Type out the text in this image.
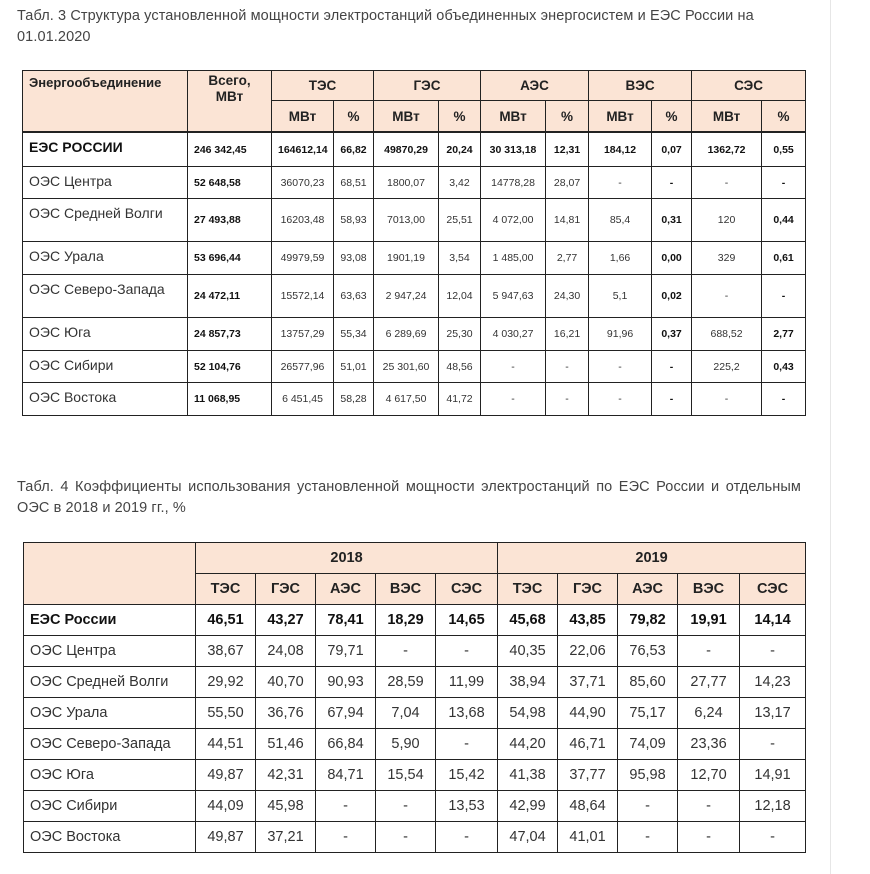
Табл. 3 Структура установленной мощности электростанций объединенных энергосистем и ЕЭС России на 01.01.2020
Энергообъединение	Всего, МВт	ТЭС		ГЭС		АЭС		ВЭС		СЭС	
		МВт	%	МВт	%	МВт	%	МВт	%	МВт	%

ЕЭС РОССИИ	246 342,45	164612,14	66,82	49870,29	20,24	30 313,18	12,31	184,12	0,07	1362,72	0,55
ОЭС Центра	52 648,58	36070,23	68,51	1800,07	3,42	14778,28	28,07	-	-	-	-
ОЭС Средней Волги	27 493,88	16203,48	58,93	7013,00	25,51	4 072,00	14,81	85,4	0,31	120	0,44
ОЭС Урала	53 696,44	49979,59	93,08	1901,19	3,54	1 485,00	2,77	1,66	0,00	329	0,61
ОЭС Северо-Запада	24 472,11	15572,14	63,63	2 947,24	12,04	5 947,63	24,30	5,1	0,02	-	-
ОЭС Юга	24 857,73	13757,29	55,34	6 289,69	25,30	4 030,27	16,21	91,96	0,37	688,52	2,77
ОЭС Сибири	52 104,76	26577,96	51,01	25 301,60	48,56	-	-	-	-	225,2	0,43
ОЭС Востока	11 068,95	6 451,45	58,28	4 617,50	41,72	-	-	-	-	-	-
Табл. 4 Коэффициенты использования установленной мощности электростанций по ЕЭС России и отдельным ОЭС в 2018 и 2019 гг., %
	2018					2019				
	ТЭС	ГЭС	АЭС	ВЭС	СЭС	ТЭС	ГЭС	АЭС	ВЭС	СЭС
ЕЭС России	46,51	43,27	78,41	18,29	14,65	45,68	43,85	79,82	19,91	14,14
ОЭС Центра	38,67	24,08	79,71	-	-	40,35	22,06	76,53	-	-
ОЭС Средней Волги	29,92	40,70	90,93	28,59	11,99	38,94	37,71	85,60	27,77	14,23
ОЭС Урала	55,50	36,76	67,94	7,04	13,68	54,98	44,90	75,17	6,24	13,17
ОЭС Северо-Запада	44,51	51,46	66,84	5,90	-	44,20	46,71	74,09	23,36	-
ОЭС Юга	49,87	42,31	84,71	15,54	15,42	41,38	37,77	95,98	12,70	14,91
ОЭС Сибири	44,09	45,98	-	-	13,53	42,99	48,64	-	-	12,18
ОЭС Востока	49,87	37,21	-	-	-	47,04	41,01	-	-	-
